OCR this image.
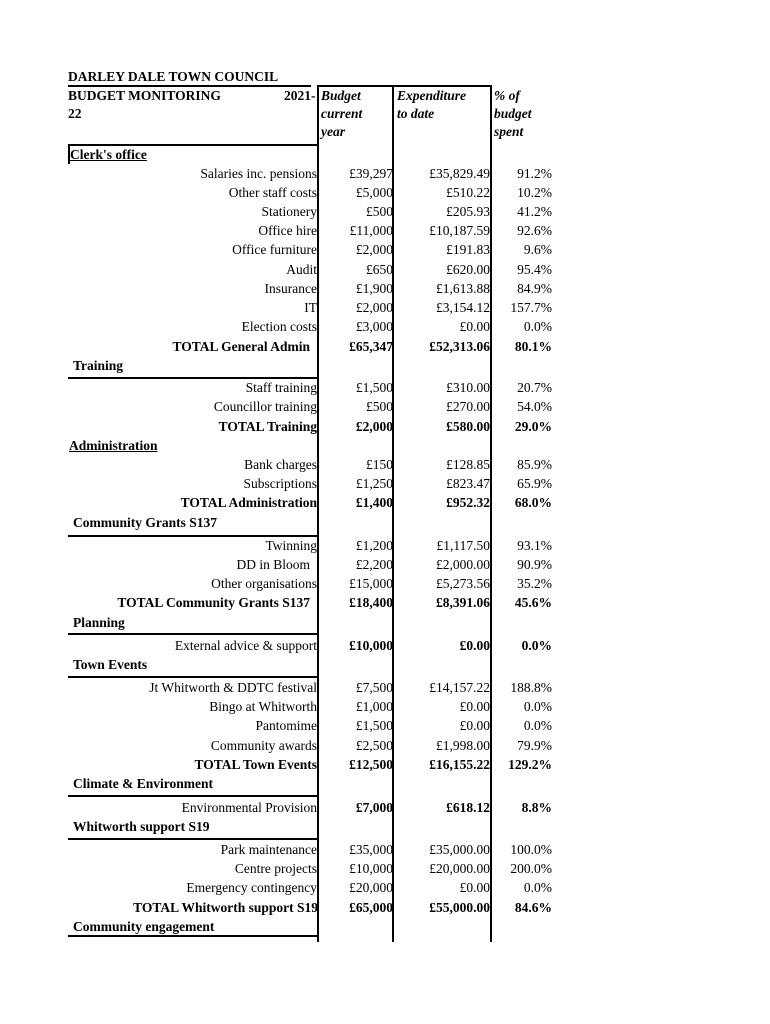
DARLEY DALE TOWN COUNCIL
BUDGET MONITORING	2021-
22
Budget
current
year
Expenditure
to date
% of
budget
spent
Clerk's office
Salaries inc. pensions £39,297	£35,829.49 91.2%
Other staff costs	£5,000	£510.22 10.2%
Stationery	£500	£205.93 41.2%
Office hire £11,000	£10,187.59 92.6%
Office furniture	£2,000	£191.83	9.6%
Audit	£650	£620.00 95.4%
Insurance	£1,900	£1,613.88 84.9%
IT	£2,000	£3,154.12 157.7%
Election costs	£3,000	£0.00	0.0%
TOTAL General Admin	£65,347	£52,313.06 80.1%
Training
Staff training	£1,500	£310.00 20.7%
Councillor training	£500	£270.00 54.0%
TOTAL Training	£2,000	£580.00 29.0%
Administration
Bank charges	£150	£128.85 85.9%
Subscriptions	£1,250	£823.47 65.9%
TOTAL Administration	£1,400	£952.32 68.0%
Community Grants S137
Twinning	£1,200	£1,117.50 93.1%
DD in Bloom	£2,200	£2,000.00 90.9%
Other organisations £15,000	£5,273.56 35.2%
TOTAL Community Grants S137	£18,400	£8,391.06 45.6%
Planning
External advice & support £10,000	£0.00 0.0%
Town Events
Jt Whitworth & DDTC festival	£7,500	£14,157.22 188.8%
Bingo at Whitworth	£1,000	£0.00	0.0%
Pantomime	£1,500	£0.00	0.0%
Community awards	£2,500	£1,998.00 79.9%
TOTAL Town Events £12,500	£16,155.22 129.2%
Climate & Environment
Environmental Provision	£7,000	£618.12 8.8%
Whitworth support S19
Park maintenance £35,000	£35,000.00 100.0%
Centre projects £10,000	£20,000.00 200.0%
Emergency contingency £20,000	£0.00	0.0%
TOTAL Whitworth support S19 £65,000	£55,000.00 84.6%
Community engagement
